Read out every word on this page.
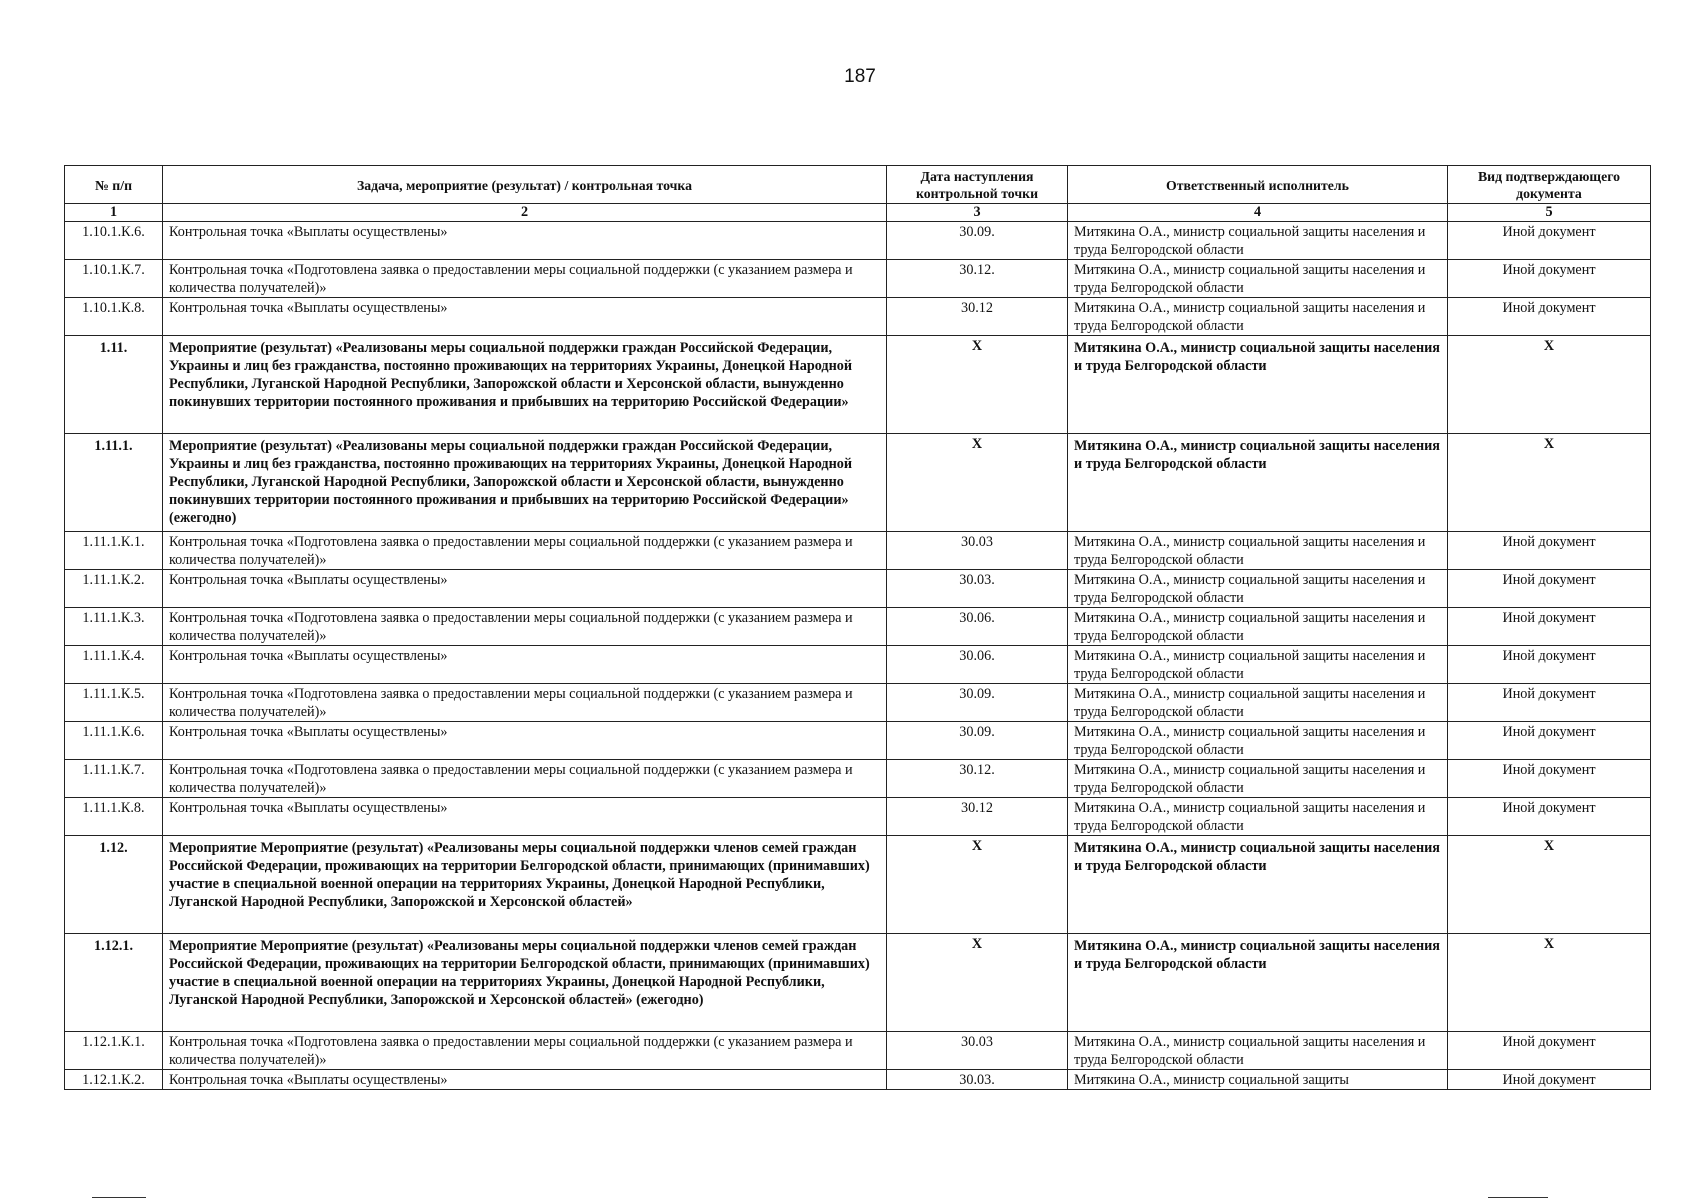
187
№ п/п	Задача, мероприятие (результат) / контрольная точка	Дата наступления контрольной точки	Ответственный исполнитель	Вид подтверждающего документа
1	2	3	4	5
1.10.1.К.6.	Контрольная точка «Выплаты осуществлены»	30.09.	Митякина О.А., министр социальной защиты населения и труда Белгородской области	Иной документ
1.10.1.К.7.	Контрольная точка «Подготовлена заявка о предоставлении меры социальной поддержки (с указанием размера и количества получателей)»	30.12.	Митякина О.А., министр социальной защиты населения и труда Белгородской области	Иной документ
1.10.1.К.8.	Контрольная точка «Выплаты осуществлены»	30.12	Митякина О.А., министр социальной защиты населения и труда Белгородской области	Иной документ
1.11.	Мероприятие (результат) «Реализованы меры социальной поддержки граждан Российской Федерации, Украины и лиц без гражданства, постоянно проживающих на территориях Украины, Донецкой Народной Республики, Луганской Народной Республики, Запорожской области и Херсонской области, вынужденно покинувших территории постоянного проживания и прибывших на территорию Российской Федерации»	X	Митякина О.А., министр социальной защиты населения и труда Белгородской области	X
1.11.1.	Мероприятие (результат) «Реализованы меры социальной поддержки граждан Российской Федерации, Украины и лиц без гражданства, постоянно проживающих на территориях Украины, Донецкой Народной Республики, Луганской Народной Республики, Запорожской области и Херсонской области, вынужденно покинувших территории постоянного проживания и прибывших на территорию Российской Федерации» (ежегодно)	X	Митякина О.А., министр социальной защиты населения и труда Белгородской области	X
1.11.1.К.1.	Контрольная точка «Подготовлена заявка о предоставлении меры социальной поддержки (с указанием размера и количества получателей)»	30.03	Митякина О.А., министр социальной защиты населения и труда Белгородской области	Иной документ
1.11.1.К.2.	Контрольная точка «Выплаты осуществлены»	30.03.	Митякина О.А., министр социальной защиты населения и труда Белгородской области	Иной документ
1.11.1.К.3.	Контрольная точка «Подготовлена заявка о предоставлении меры социальной поддержки (с указанием размера и количества получателей)»	30.06.	Митякина О.А., министр социальной защиты населения и труда Белгородской области	Иной документ
1.11.1.К.4.	Контрольная точка «Выплаты осуществлены»	30.06.	Митякина О.А., министр социальной защиты населения и труда Белгородской области	Иной документ
1.11.1.К.5.	Контрольная точка «Подготовлена заявка о предоставлении меры социальной поддержки (с указанием размера и количества получателей)»	30.09.	Митякина О.А., министр социальной защиты населения и труда Белгородской области	Иной документ
1.11.1.К.6.	Контрольная точка «Выплаты осуществлены»	30.09.	Митякина О.А., министр социальной защиты населения и труда Белгородской области	Иной документ
1.11.1.К.7.	Контрольная точка «Подготовлена заявка о предоставлении меры социальной поддержки (с указанием размера и количества получателей)»	30.12.	Митякина О.А., министр социальной защиты населения и труда Белгородской области	Иной документ
1.11.1.К.8.	Контрольная точка «Выплаты осуществлены»	30.12	Митякина О.А., министр социальной защиты населения и труда Белгородской области	Иной документ
1.12.	Мероприятие Мероприятие (результат) «Реализованы меры социальной поддержки членов семей граждан Российской Федерации, проживающих на территории Белгородской области, принимающих (принимавших) участие в специальной военной операции на территориях Украины, Донецкой Народной Республики, Луганской Народной Республики, Запорожской и Херсонской областей»	X	Митякина О.А., министр социальной защиты населения и труда Белгородской области	X
1.12.1.	Мероприятие Мероприятие (результат) «Реализованы меры социальной поддержки членов семей граждан Российской Федерации, проживающих на территории Белгородской области, принимающих (принимавших) участие в специальной военной операции на территориях Украины, Донецкой Народной Республики, Луганской Народной Республики, Запорожской и Херсонской областей» (ежегодно)	X	Митякина О.А., министр социальной защиты населения и труда Белгородской области	X
1.12.1.К.1.	Контрольная точка «Подготовлена заявка о предоставлении меры социальной поддержки (с указанием размера и количества получателей)»	30.03	Митякина О.А., министр социальной защиты населения и труда Белгородской области	Иной документ
1.12.1.К.2.	Контрольная точка «Выплаты осуществлены»	30.03.	Митякина О.А., министр социальной защиты	Иной документ
